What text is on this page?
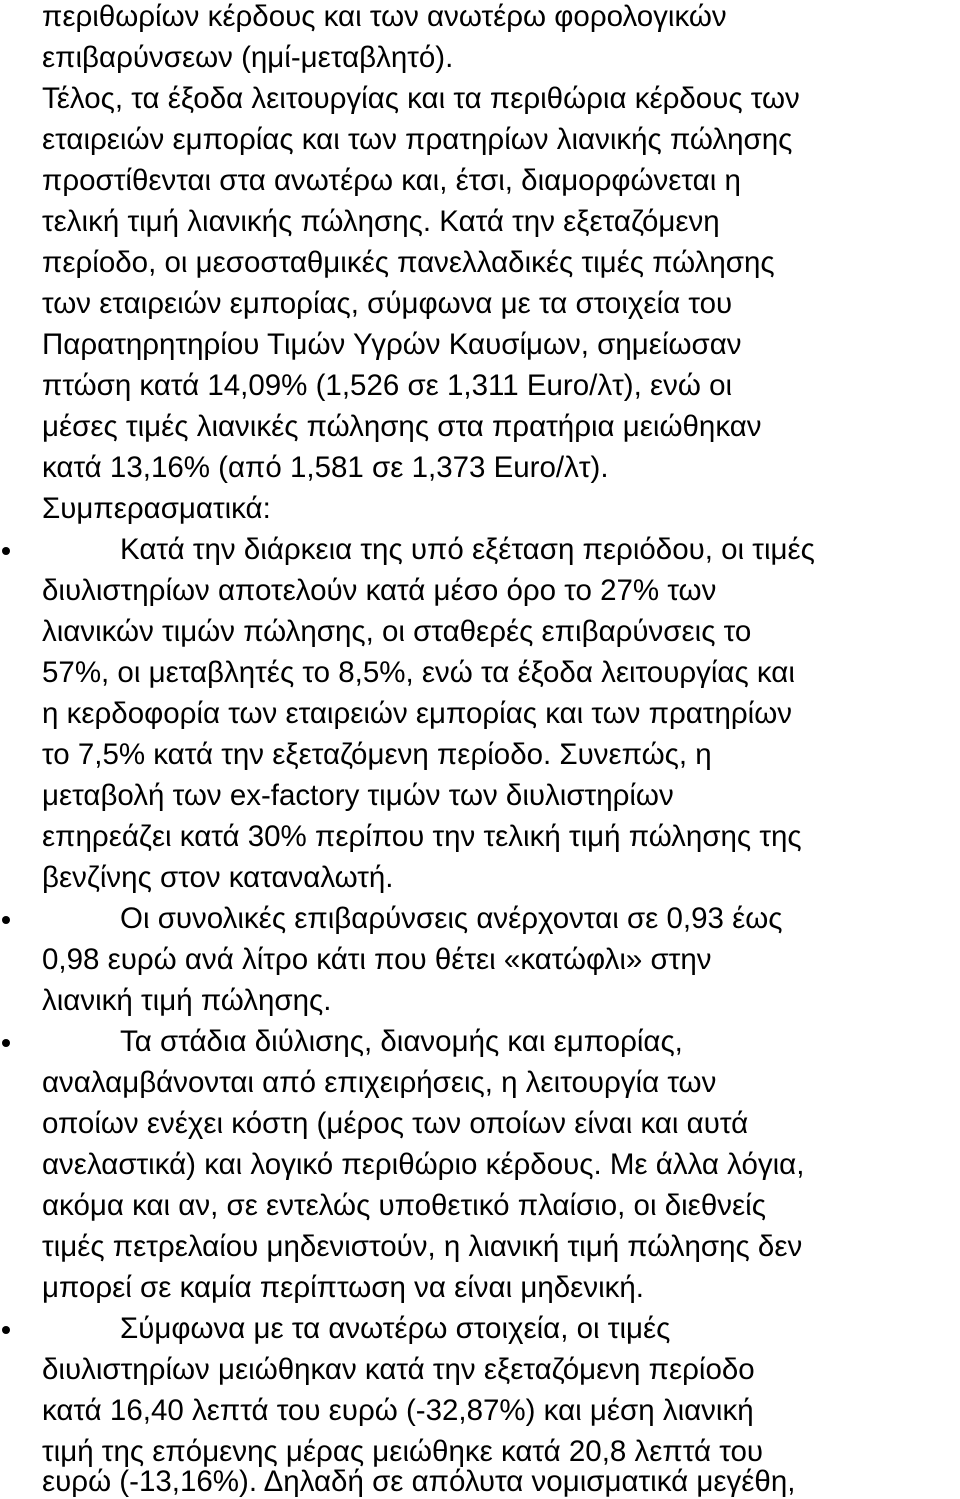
περιθωρίων κέρδους και των ανωτέρω φορολογικών
επιβαρύνσεων (ημί-μεταβλητό).
Τέλος, τα έξοδα λειτουργίας και τα περιθώρια κέρδους των
εταιρειών εμπορίας και των πρατηρίων λιανικής πώλησης
προστίθενται στα ανωτέρω και, έτσι, διαμορφώνεται η
τελική τιμή λιανικής πώλησης. Κατά την εξεταζόμενη
περίοδο, οι μεσοσταθμικές πανελλαδικές τιμές πώλησης
των εταιρειών εμπορίας, σύμφωνα με τα στοιχεία του
Παρατηρητηρίου Τιμών Υγρών Καυσίμων, σημείωσαν
πτώση κατά 14,09% (1,526 σε 1,311 Euro/λτ), ενώ οι
μέσες τιμές λιανικές πώλησης στα πρατήρια μειώθηκαν
κατά 13,16% (από 1,581 σε 1,373 Euro/λτ).
Συμπερασματικά:
Κατά την διάρκεια της υπό εξέταση περιόδου, οι τιμές
διυλιστηρίων αποτελούν κατά μέσο όρο το 27% των
λιανικών τιμών πώλησης, οι σταθερές επιβαρύνσεις το
57%, οι μεταβλητές το 8,5%, ενώ τα έξοδα λειτουργίας και
η κερδοφορία των εταιρειών εμπορίας και των πρατηρίων
το 7,5% κατά την εξεταζόμενη περίοδο. Συνεπώς, η
μεταβολή των ex-factory τιμών των διυλιστηρίων
επηρεάζει κατά 30% περίπου την τελική τιμή πώλησης της
βενζίνης στον καταναλωτή.
Οι συνολικές επιβαρύνσεις ανέρχονται σε 0,93 έως
0,98 ευρώ ανά λίτρο κάτι που θέτει «κατώφλι» στην
λιανική τιμή πώλησης.
Τα στάδια διύλισης, διανομής και εμπορίας,
αναλαμβάνονται από επιχειρήσεις, η λειτουργία των
οποίων ενέχει κόστη (μέρος των οποίων είναι και αυτά
ανελαστικά) και λογικό περιθώριο κέρδους. Με άλλα λόγια,
ακόμα και αν, σε εντελώς υποθετικό πλαίσιο, οι διεθνείς
τιμές πετρελαίου μηδενιστούν, η λιανική τιμή πώλησης δεν
μπορεί σε καμία περίπτωση να είναι μηδενική.
Σύμφωνα με τα ανωτέρω στοιχεία, οι τιμές
διυλιστηρίων μειώθηκαν κατά την εξεταζόμενη περίοδο
κατά 16,40 λεπτά του ευρώ (-32,87%) και μέση λιανική
τιμή της επόμενης μέρας μειώθηκε κατά 20,8 λεπτά του
ευρώ (-13,16%). Δηλαδή σε απόλυτα νομισματικά μεγέθη,
